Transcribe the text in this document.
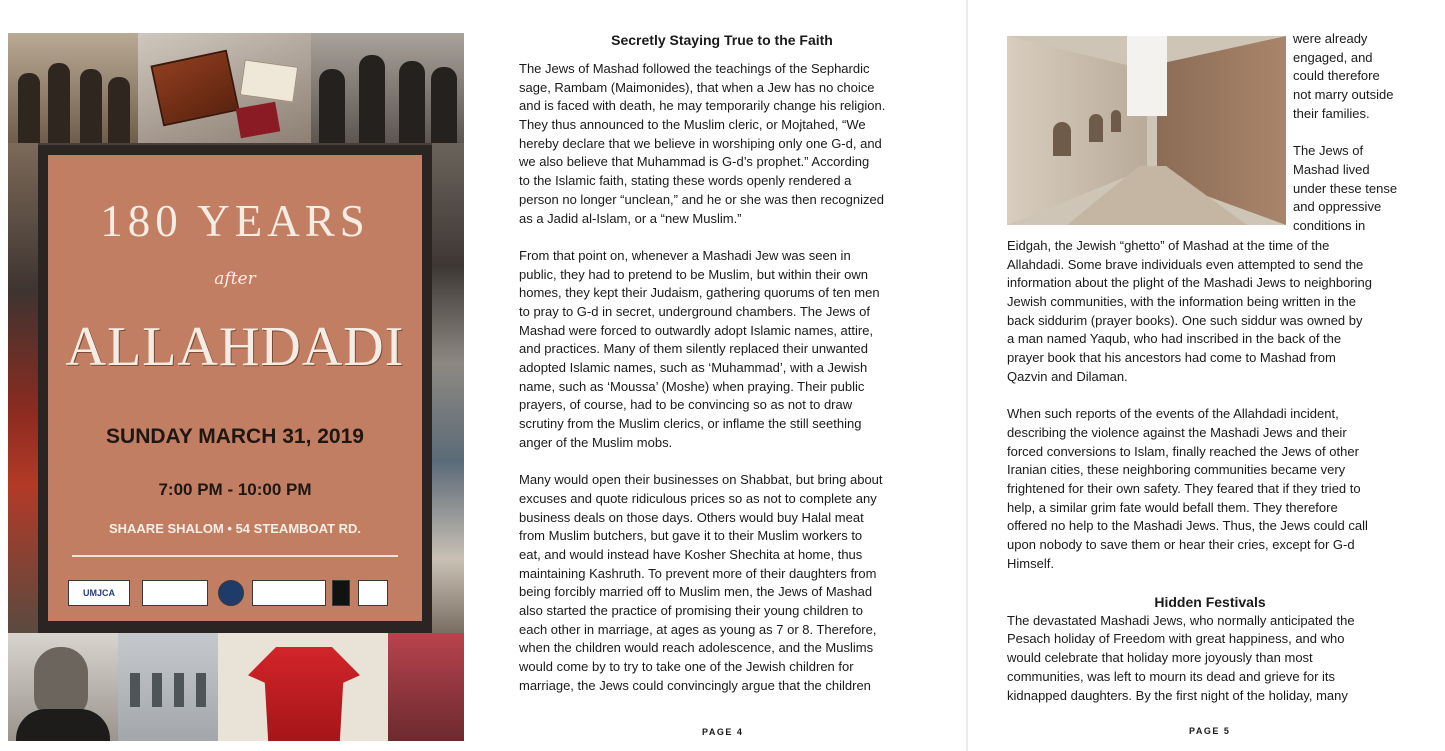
180 YEARS
after
ALLAHDADI
SUNDAY MARCH 31, 2019
7:00 PM - 10:00 PM
SHAARE SHALOM • 54 STEAMBOAT RD.
UMJCA
Secretly Staying True to the Faith
The Jews of Mashad followed the teachings of the Sephardic
sage, Rambam (Maimonides), that when a Jew has no choice
and is faced with death, he may temporarily change his religion.
They thus announced to the Muslim cleric, or Mojtahed, “We
hereby declare that we believe in worshiping only one G-d, and
we also believe that Muhammad is G-d’s prophet.” According
to the Islamic faith, stating these words openly rendered a
person no longer “unclean,” and he or she was then recognized
as a Jadid al-Islam, or a “new Muslim.”
From that point on, whenever a Mashadi Jew was seen in
public, they had to pretend to be Muslim, but within their own
homes, they kept their Judaism, gathering quorums of ten men
to pray to G-d in secret, underground chambers. The Jews of
Mashad were forced to outwardly adopt Islamic names, attire,
and practices. Many of them silently replaced their unwanted
adopted Islamic names, such as ‘Muhammad’, with a Jewish
name, such as ‘Moussa’ (Moshe) when praying. Their public
prayers, of course, had to be convincing so as not to draw
scrutiny from the Muslim clerics, or inflame the still seething
anger of the Muslim mobs.
Many would open their businesses on Shabbat, but bring about
excuses and quote ridiculous prices so as not to complete any
business deals on those days. Others would buy Halal meat
from Muslim butchers, but gave it to their Muslim workers to
eat, and would instead have Kosher Shechita at home, thus
maintaining Kashruth. To prevent more of their daughters from
being forcibly married off to Muslim men, the Jews of Mashad
also started the practice of promising their young children to
each other in marriage, at ages as young as 7 or 8. Therefore,
when the children would reach adolescence, and the Muslims
would come by to try to take one of the Jewish children for
marriage, the Jews could convincingly argue that the children
PAGE 4
were already
engaged, and
could therefore
not marry outside
their families.
The Jews of
Mashad lived
under these tense
and oppressive
conditions in
Eidgah, the Jewish “ghetto” of Mashad at the time of the
Allahdadi. Some brave individuals even attempted to send the
information about the plight of the Mashadi Jews to neighboring
Jewish communities, with the information being written in the
back siddurim (prayer books). One such siddur was owned by
a man named Yaqub, who had inscribed in the back of the
prayer book that his ancestors had come to Mashad from
Qazvin and Dilaman.
When such reports of the events of the Allahdadi incident,
describing the violence against the Mashadi Jews and their
forced conversions to Islam, finally reached the Jews of other
Iranian cities, these neighboring communities became very
frightened for their own safety. They feared that if they tried to
help, a similar grim fate would befall them. They therefore
offered no help to the Mashadi Jews. Thus, the Jews could call
upon nobody to save them or hear their cries, except for G-d
Himself.
Hidden Festivals
The devastated Mashadi Jews, who normally anticipated the
Pesach holiday of Freedom with great happiness, and who
would celebrate that holiday more joyously than most
communities, was left to mourn its dead and grieve for its
kidnapped daughters. By the first night of the holiday, many
PAGE 5
